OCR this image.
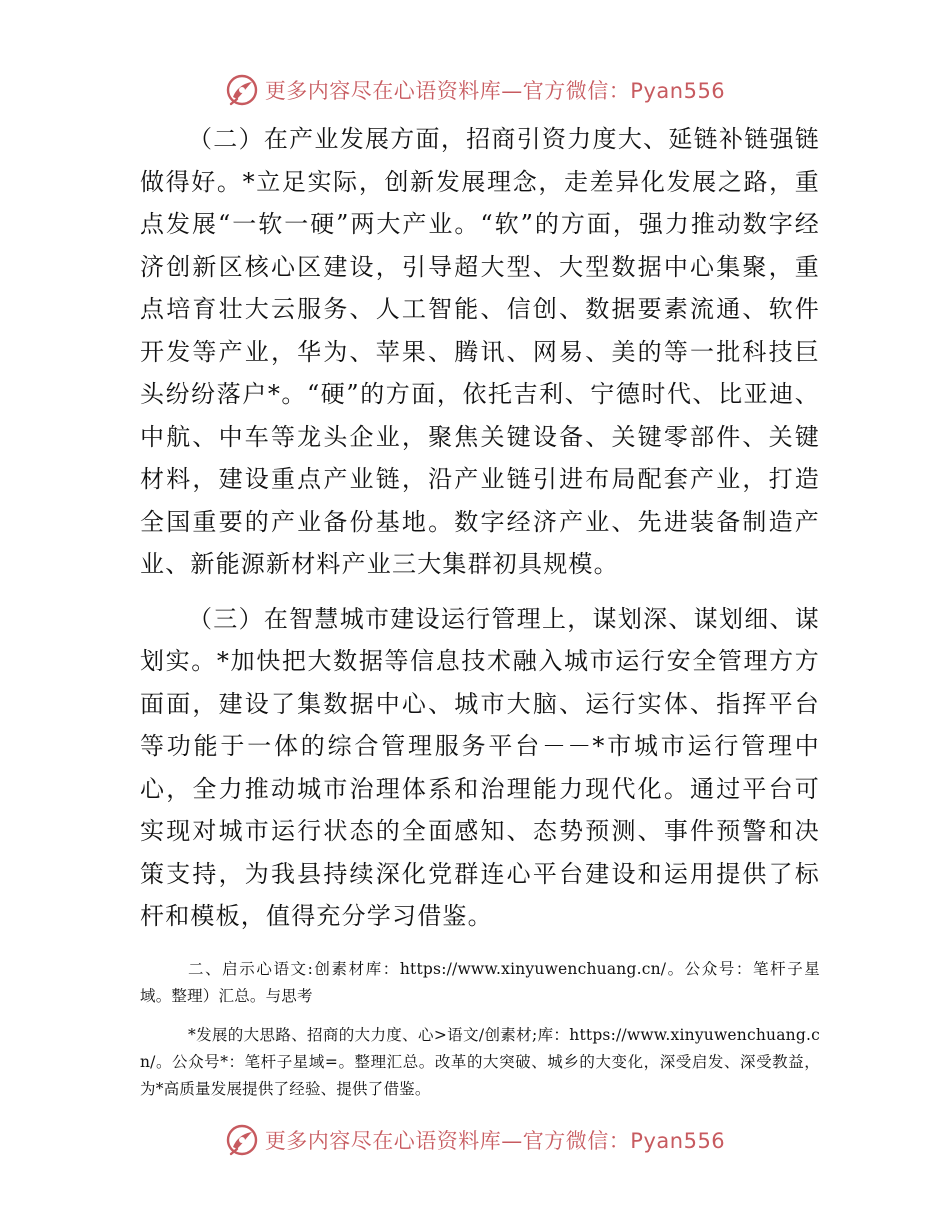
更多内容尽在心语资料库—官方微信：Pyan556

（二）在产业发展方面，招商引资力度大、延链补链强链做得好。*立足实际，创新发展理念，走差异化发展之路，重点发展“一软一硬”两大产业。“软”的方面，强力推动数字经济创新区核心区建设，引导超大型、大型数据中心集聚，重点培育壮大云服务、人工智能、信创、数据要素流通、软件开发等产业，华为、苹果、腾讯、网易、美的等一批科技巨头纷纷落户*。“硬”的方面，依托吉利、宁德时代、比亚迪、中航、中车等龙头企业，聚焦关键设备、关键零部件、关键材料，建设重点产业链，沿产业链引进布局配套产业，打造全国重要的产业备份基地。数字经济产业、先进装备制造产业、新能源新材料产业三大集群初具规模。

（三）在智慧城市建设运行管理上，谋划深、谋划细、谋划实。*加快把大数据等信息技术融入城市运行安全管理方方面面，建设了集数据中心、城市大脑、运行实体、指挥平台等功能于一体的综合管理服务平台－－*市城市运行管理中心，全力推动城市治理体系和治理能力现代化。通过平台可实现对城市运行状态的全面感知、态势预测、事件预警和决策支持，为我县持续深化党群连心平台建设和运用提供了标杆和模板，值得充分学习借鉴。

二、启示心语文:创素材库：https://www.xinyuwenchuang.cn/。公众号：笔杆子星域。整理）汇总。与思考

*发展的大思路、招商的大力度、心>语文/创素材;库：https://www.xinyuwenchuang.cn/。公众号*：笔杆子星域=。整理汇总。改革的大突破、城乡的大变化，深受启发、深受教益，为*高质量发展提供了经验、提供了借鉴。

更多内容尽在心语资料库—官方微信：Pyan556
